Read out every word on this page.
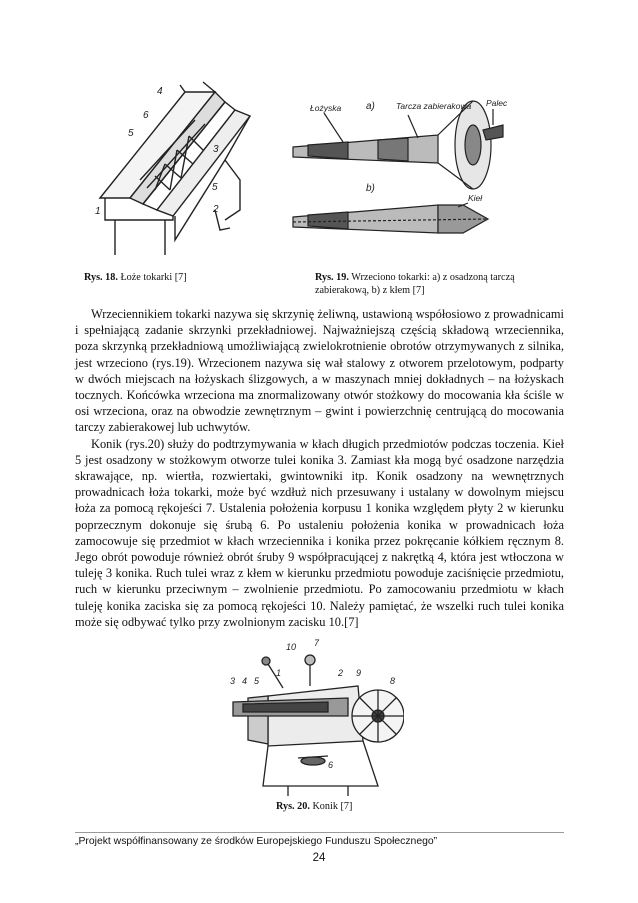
4
6
5
3
5
1	2
Łożyska a) Tarcza zabierakowa Palec
b)
Kieł
Rys. 18. Łoże tokarki [7]	Rys. 19. Wrzeciono tokarki: a) z osadzoną tarczą
zabierakową, b) z kłem [7]

Wrzeciennikiem tokarki nazywa się skrzynię żeliwną, ustawioną współosiowo z prowadnicami i spełniającą zadanie skrzynki przekładniowej. Najważniejszą częścią składową wrzeciennika, poza skrzynką przekładniową umożliwiającą zwielokrotnienie obrotów otrzymywanych z silnika, jest wrzeciono (rys.19). Wrzecionem nazywa się wał stalowy z otworem przelotowym, podparty w dwóch miejscach na łożyskach ślizgowych, a w maszynach mniej dokładnych – na łożyskach tocznych. Końcówka wrzeciona ma znormalizowany otwór stożkowy do mocowania kła ściśle w osi wrzeciona, oraz na obwodzie zewnętrznym – gwint i powierzchnię centrującą do mocowania tarczy zabierakowej lub uchwytów.

Konik (rys.20) służy do podtrzymywania w kłach długich przedmiotów podczas toczenia. Kieł 5 jest osadzony w stożkowym otworze tulei konika 3. Zamiast kła mogą być osadzone narzędzia skrawające, np. wiertła, rozwiertaki, gwintowniki itp. Konik osadzony na wewnętrznych prowadnicach łoża tokarki, może być wzdłuż nich przesuwany i ustalany w dowolnym miejscu łoża za pomocą rękojeści 7. Ustalenia położenia korpusu 1 konika względem płyty 2 w kierunku poprzecznym dokonuje się śrubą 6. Po ustaleniu położenia konika w prowadnicach łoża zamocowuje się przedmiot w kłach wrzeciennika i konika przez pokręcanie kółkiem ręcznym 8. Jego obrót powoduje również obrót śruby 9 współpracującej z nakrętką 4, która jest wtłoczona w tuleję 3 konika. Ruch tulei wraz z kłem w kierunku przedmiotu powoduje zaciśnięcie przedmiotu, ruch w kierunku przeciwnym – zwolnienie przedmiotu. Po zamocowaniu przedmiotu w kłach tuleję konika zaciska się za pomocą rękojeści 10. Należy pamiętać, że wszelki ruch tulei konika może się odbywać tylko przy zwolnionym zacisku 10.[7]

7
10
3 4 5
1	2
6
9
8
Rys. 20. Konik [7]
„Projekt współfinansowany ze środków Europejskiego Funduszu Społecznego”
24
